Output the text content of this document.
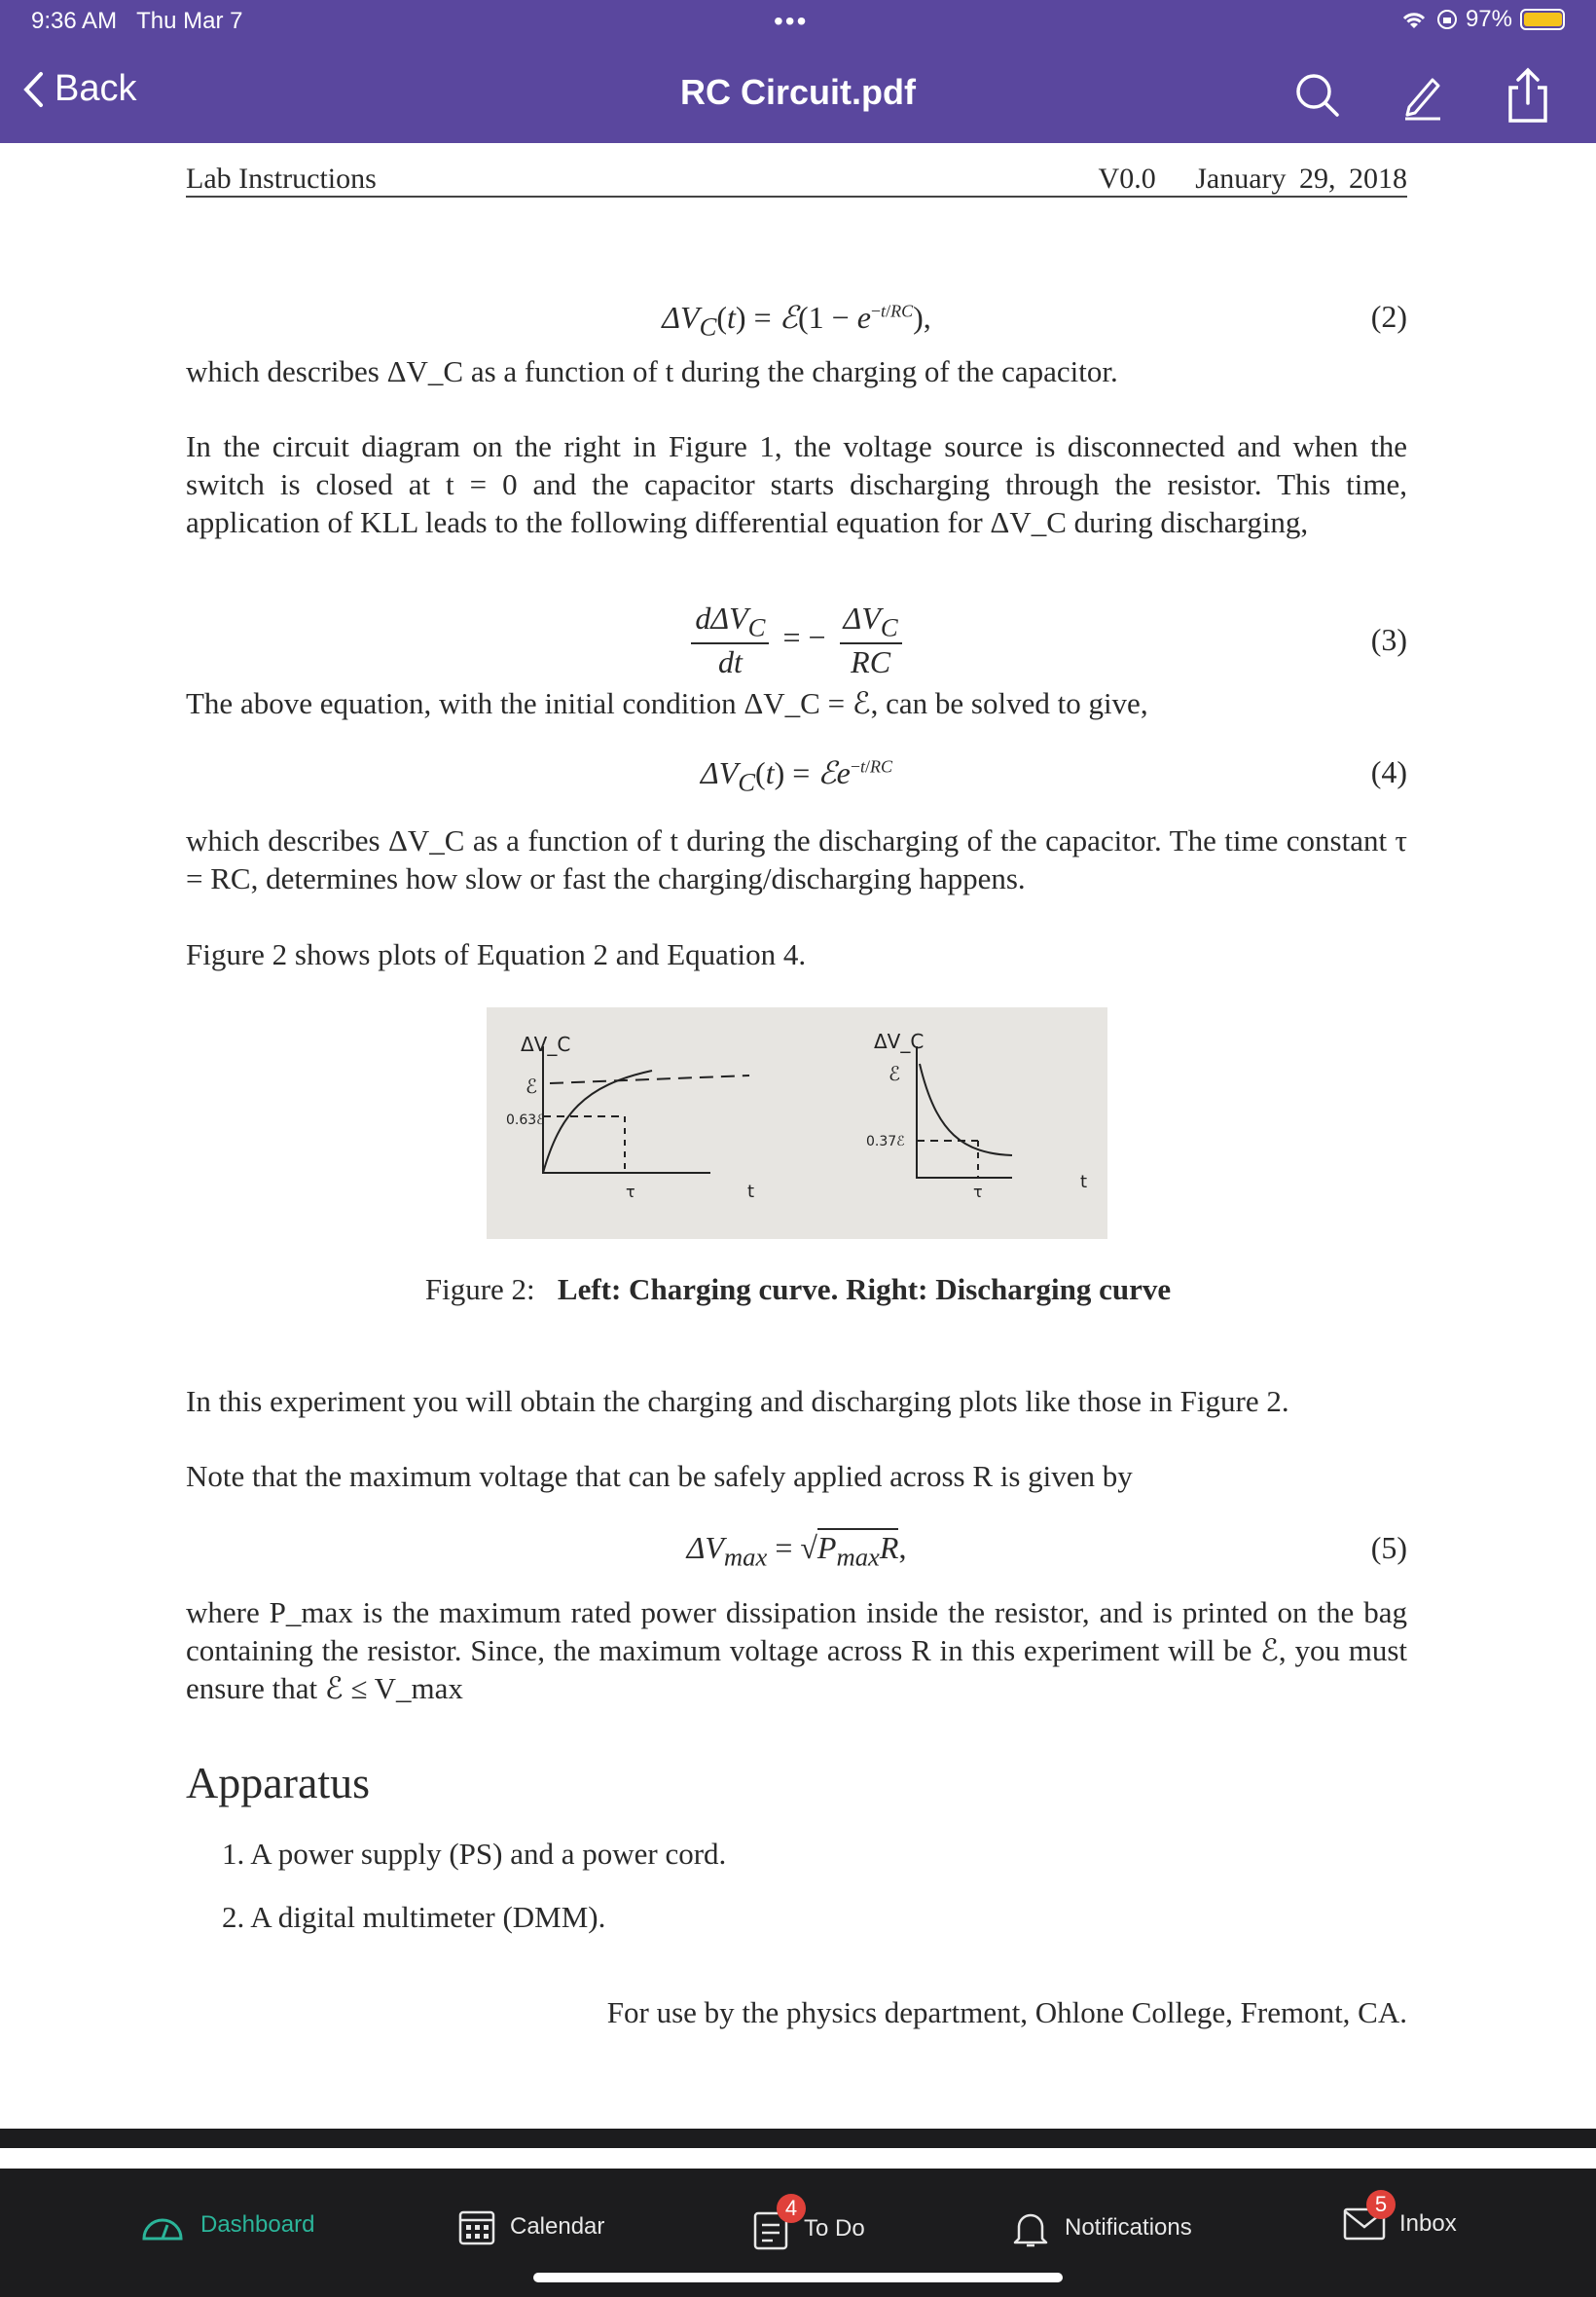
9:36 AM Thu Mar 7	•••	97%
Back	RC Circuit.pdf
Lab Instructions	V0.0 January 29, 2018
$\Delta V_C(t)$ = ℰ(1 − $e^{-t/RC}$),	(2)
which describes ΔV_C as a function of t during the charging of the capacitor.
In the circuit diagram on the right in Figure 1, the voltage source is disconnected and when the switch is closed at t = 0 and the capacitor starts discharging through the resistor. This time, application of KLL leads to the following differential equation for ΔV_C during discharging,
$\frac{d\Delta V_C}{dt}$ = − $\frac{\Delta V_C}{RC}$	(3)
The above equation, with the initial condition ΔV_C = ℰ, can be solved to give,
$\Delta V_C(t)$ = ℰe$^{-t/RC}$	(4)
which describes ΔV_C as a function of t during the discharging of the capacitor. The time constant τ = RC, determines how slow or fast the charging/discharging happens.
Figure 2 shows plots of Equation 2 and Equation 4.
ΔV_C
ℰ
0.63ℰ
τ	t
ΔV_C
ℰ
0.37ℰ
τ	t
Figure 2: Left: Charging curve. Right: Discharging curve
In this experiment you will obtain the charging and discharging plots like those in Figure 2.
Note that the maximum voltage that can be safely applied across R is given by
$\Delta V_{max} = √P_{max}R$,	(5)
where P_max is the maximum rated power dissipation inside the resistor, and is printed on the bag containing the resistor. Since, the maximum voltage across R in this experiment will be ℰ, you must ensure that ℰ ≤ V_max
Apparatus
1. A power supply (PS) and a power cord.
2. A digital multimeter (DMM).
For use by the physics department, Ohlone College, Fremont, CA.
Dashboard	Calendar
4
To Do	Notifications
5
Inbox
